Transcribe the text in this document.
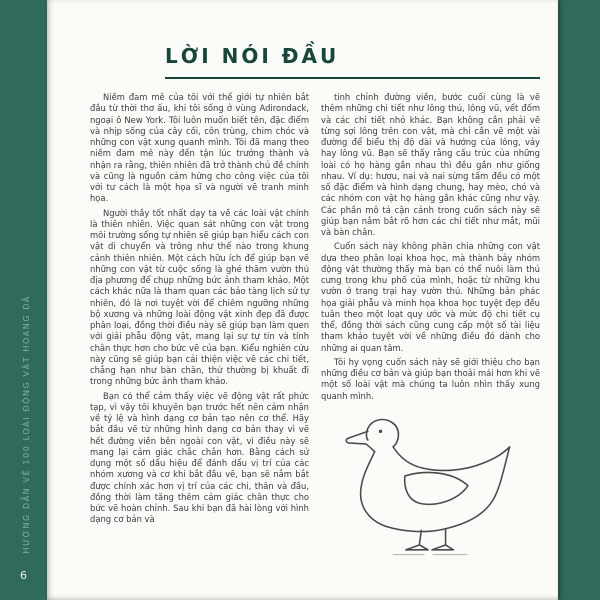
HƯỚNG DẪN VẼ 100 LOÀI ĐỘNG VẬT HOANG DÃ
6
LỜI NÓI ĐẦU

Niềm đam mê của tôi với thế giới tự nhiên bắt đầu từ thời thơ ấu, khi tôi sống ở vùng Adirondack, ngoại ô New York. Tôi luôn muốn biết tên, đặc điểm và nhịp sống của cây cối, côn trùng, chim chóc và những con vật xung quanh mình. Tôi đã mang theo niềm đam mê này đến tận lúc trưởng thành và nhận ra rằng, thiên nhiên đã trở thành chủ đề chính và cũng là nguồn cảm hứng cho công việc của tôi với tư cách là một họa sĩ và người vẽ tranh minh họa.

Người thầy tốt nhất dạy ta về các loài vật chính là thiên nhiên. Việc quan sát những con vật trong môi trường sống tự nhiên sẽ giúp bạn hiểu cách con vật di chuyển và trông như thế nào trong khung cảnh thiên nhiên. Một cách hữu ích để giúp bạn vẽ những con vật từ cuộc sống là ghé thăm vườn thú địa phương để chụp những bức ảnh tham khảo. Một cách khác nữa là tham quan các bảo tàng lịch sử tự nhiên, đó là nơi tuyệt vời để chiêm ngưỡng những bộ xương và những loài động vật xinh đẹp đã được phân loại, đồng thời điều này sẽ giúp bạn làm quen với giải phẫu động vật, mang lại sự tự tin và tính chân thực hơn cho bức vẽ của bạn. Kiểu nghiên cứu này cũng sẽ giúp bạn cải thiện việc vẽ các chi tiết, chẳng hạn như bàn chân, thứ thường bị khuất đi trong những bức ảnh tham khảo.

Bạn có thể cảm thấy việc vẽ động vật rất phức tạp, vì vậy tôi khuyên bạn trước hết nên cảm nhận về tỷ lệ và hình dạng cơ bản tạo nên cơ thể. Hãy bắt đầu vẽ từ những hình dạng cơ bản thay vì vẽ hết đường viền bên ngoài con vật, vì điều này sẽ mang lại cảm giác chắc chắn hơn. Bằng cách sử dụng một số dấu hiệu để đánh dấu vị trí của các nhóm xương và cơ khi bắt đầu vẽ, bạn sẽ nắm bắt được chính xác hơn vị trí của các chi, thân và đầu, đồng thời làm tăng thêm cảm giác chân thực cho bức vẽ hoàn chỉnh. Sau khi bạn đã hài lòng với hình dạng cơ bản và

tinh chỉnh đường viền, bước cuối cùng là vẽ thêm những chi tiết như lông thú, lông vũ, vết đốm và các chi tiết nhỏ khác. Bạn không cần phải vẽ từng sợi lông trên con vật, mà chỉ cần vẽ một vài đường để biểu thị độ dài và hướng của lông, vảy hay lông vũ. Bạn sẽ thấy rằng cấu trúc của những loài có họ hàng gần nhau thì đều gần như giống nhau. Ví dụ: hươu, nai và nai sừng tấm đều có một số đặc điểm và hình dạng chung, hay mèo, chó và các nhóm con vật họ hàng gần khác cũng như vậy. Các phần mô tả cận cảnh trong cuốn sách này sẽ giúp bạn nắm bắt rõ hơn các chi tiết như mắt, mũi và bàn chân.

Cuốn sách này không phân chia những con vật dựa theo phân loại khoa học, mà thành bảy nhóm động vật thường thấy mà bạn có thể nuôi làm thú cưng trong khu phố của mình, hoặc từ những khu vườn ở trang trại hay vườn thú. Những bản phác họa giải phẫu và minh họa khoa học tuyệt đẹp đều tuân theo một loạt quy ước và mức độ chi tiết cụ thể, đồng thời sách cũng cung cấp một số tài liệu tham khảo tuyệt vời về những điều đó dành cho những ai quan tâm.

Tôi hy vọng cuốn sách này sẽ giới thiệu cho bạn những điều cơ bản và giúp bạn thoải mái hơn khi vẽ một số loài vật mà chúng ta luôn nhìn thấy xung quanh mình.
